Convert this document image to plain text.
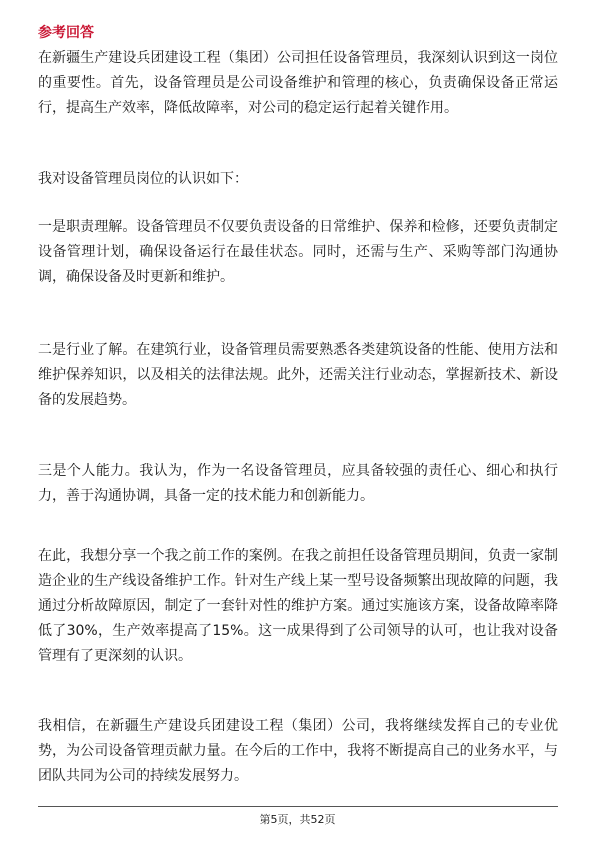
参考回答

在新疆生产建设兵团建设工程（集团）公司担任设备管理员，我深刻认识到这一岗位的重要性。首先，设备管理员是公司设备维护和管理的核心，负责确保设备正常运行，提高生产效率，降低故障率，对公司的稳定运行起着关键作用。

我对设备管理员岗位的认识如下：

一是职责理解。设备管理员不仅要负责设备的日常维护、保养和检修，还要负责制定设备管理计划，确保设备运行在最佳状态。同时，还需与生产、采购等部门沟通协调，确保设备及时更新和维护。

二是行业了解。在建筑行业，设备管理员需要熟悉各类建筑设备的性能、使用方法和维护保养知识，以及相关的法律法规。此外，还需关注行业动态，掌握新技术、新设备的发展趋势。

三是个人能力。我认为，作为一名设备管理员，应具备较强的责任心、细心和执行力，善于沟通协调，具备一定的技术能力和创新能力。

在此，我想分享一个我之前工作的案例。在我之前担任设备管理员期间，负责一家制造企业的生产线设备维护工作。针对生产线上某一型号设备频繁出现故障的问题，我通过分析故障原因，制定了一套针对性的维护方案。通过实施该方案，设备故障率降低了30%，生产效率提高了15%。这一成果得到了公司领导的认可，也让我对设备管理有了更深刻的认识。

我相信，在新疆生产建设兵团建设工程（集团）公司，我将继续发挥自己的专业优势，为公司设备管理贡献力量。在今后的工作中，我将不断提高自己的业务水平，与团队共同为公司的持续发展努力。

第5页，共52页
